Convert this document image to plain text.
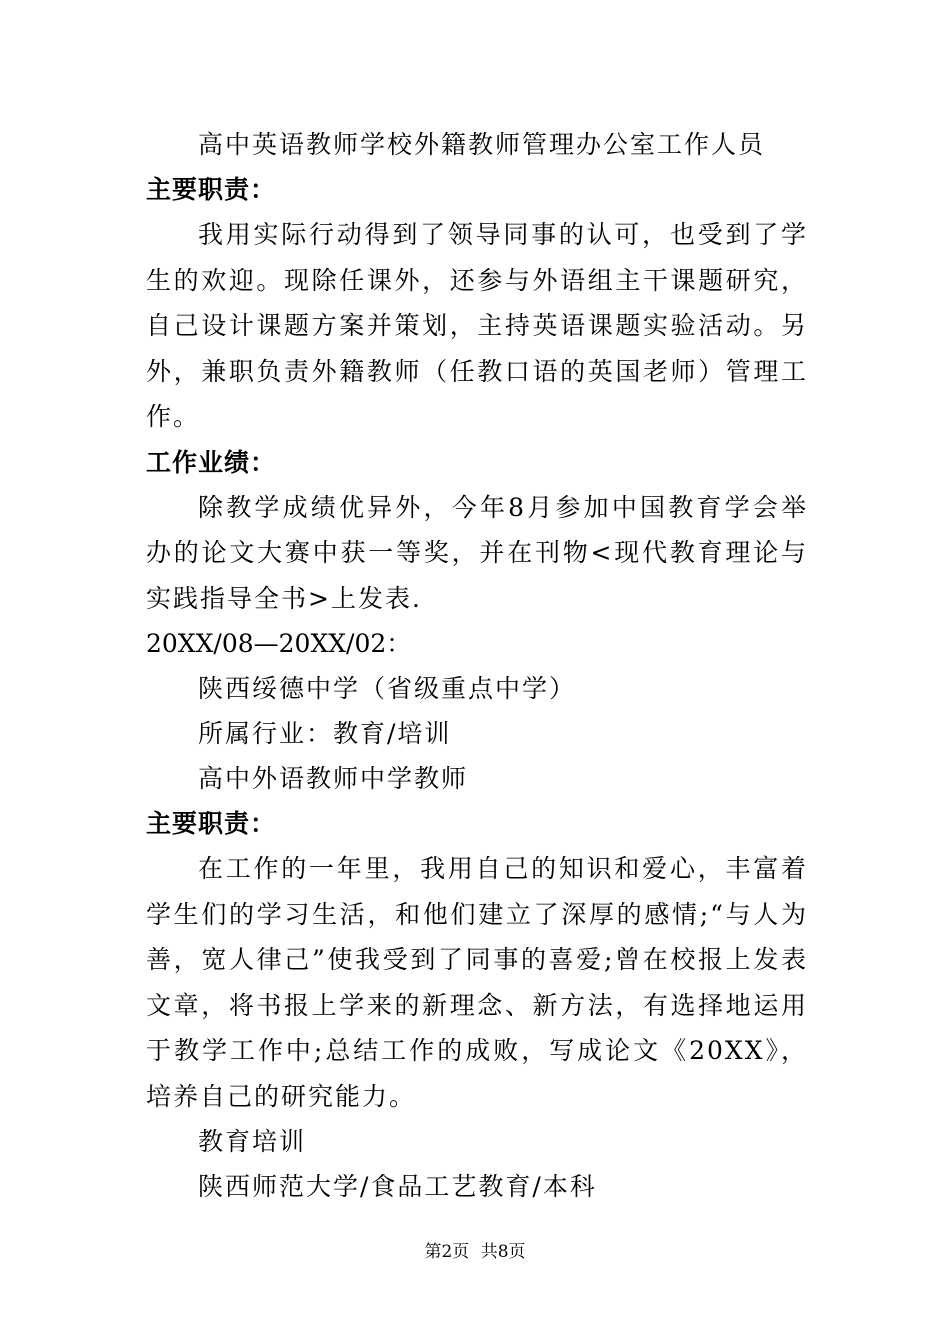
高中英语教师学校外籍教师管理办公室工作人员
主要职责：
我用实际行动得到了领导同事的认可，也受到了学生的欢迎。现除任课外，还参与外语组主干课题研究，自己设计课题方案并策划，主持英语课题实验活动。另外，兼职负责外籍教师（任教口语的英国老师）管理工作。
工作业绩：
除教学成绩优异外，今年8月参加中国教育学会举办的论文大赛中获一等奖，并在刊物<现代教育理论与实践指导全书>上发表.
20XX/08—20XX/02：
陕西绥德中学（省级重点中学）
所属行业：教育/培训
高中外语教师中学教师
主要职责：
在工作的一年里，我用自己的知识和爱心，丰富着学生们的学习生活，和他们建立了深厚的感情;“与人为善，宽人律己”使我受到了同事的喜爱;曾在校报上发表文章，将书报上学来的新理念、新方法，有选择地运用于教学工作中;总结工作的成败，写成论文《20XX》，培养自己的研究能力。
教育培训
陕西师范大学/食品工艺教育/本科
第2页 共8页
